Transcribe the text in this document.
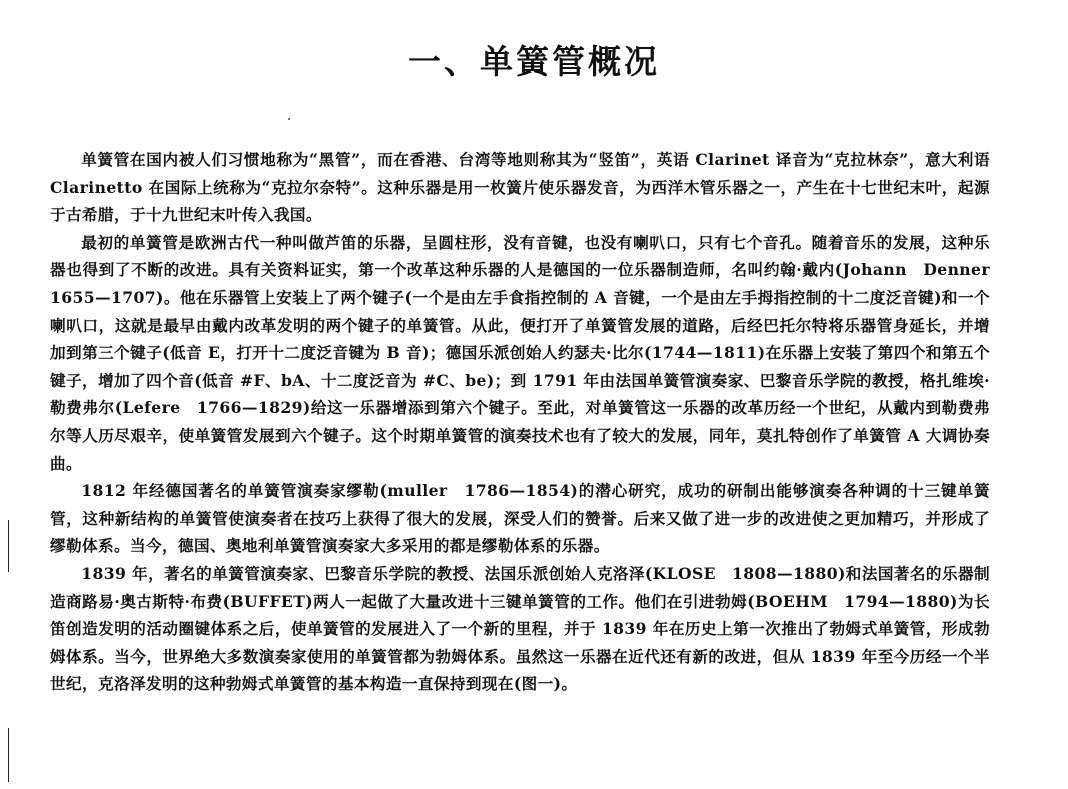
一、单簧管概况

单簧管在国内被人们习惯地称为“黑管”，而在香港、台湾等地则称其为“竖笛”，英语 Clarinet 译音为“克拉林奈”，意大利语 Clarinetto 在国际上统称为“克拉尔奈特”。这种乐器是用一枚簧片使乐器发音，为西洋木管乐器之一，产生在十七世纪末叶，起源于古希腊，于十九世纪末叶传入我国。

最初的单簧管是欧洲古代一种叫做芦笛的乐器，呈圆柱形，没有音键，也没有喇叭口，只有七个音孔。随着音乐的发展，这种乐器也得到了不断的改进。具有关资料证实，第一个改革这种乐器的人是德国的一位乐器制造师，名叫约翰·戴内(Johann　Denner　1655—1707)。他在乐器管上安装上了两个键子(一个是由左手食指控制的 A 音键，一个是由左手拇指控制的十二度泛音键)和一个喇叭口，这就是最早由戴内改革发明的两个键子的单簧管。从此，便打开了单簧管发展的道路，后经巴托尔特将乐器管身延长，并增加到第三个键子(低音 E，打开十二度泛音键为 B 音)；德国乐派创始人约瑟夫·比尔(1744—1811)在乐器上安装了第四个和第五个键子，增加了四个音(低音 #F、bA、十二度泛音为 #C、be)；到 1791 年由法国单簧管演奏家、巴黎音乐学院的教授，格扎维埃·勒费弗尔(Lefere　1766—1829)给这一乐器增添到第六个键子。至此，对单簧管这一乐器的改革历经一个世纪，从戴内到勒费弗尔等人历尽艰辛，使单簧管发展到六个键子。这个时期单簧管的演奏技术也有了较大的发展，同年，莫扎特创作了单簧管 A 大调协奏曲。

1812 年经德国著名的单簧管演奏家缪勒(muller　1786—1854)的潜心研究，成功的研制出能够演奏各种调的十三键单簧管，这种新结构的单簧管使演奏者在技巧上获得了很大的发展，深受人们的赞誉。后来又做了进一步的改进使之更加精巧，并形成了缪勒体系。当今，德国、奥地利单簧管演奏家大多采用的都是缪勒体系的乐器。

1839 年，著名的单簧管演奏家、巴黎音乐学院的教授、法国乐派创始人克洛泽(KLOSE　1808—1880)和法国著名的乐器制造商路易·奥古斯特·布费(BUFFET)两人一起做了大量改进十三键单簧管的工作。他们在引进勃姆(BOEHM　1794—1880)为长笛创造发明的活动圈键体系之后，使单簧管的发展进入了一个新的里程，并于 1839 年在历史上第一次推出了勃姆式单簧管，形成勃姆体系。当今，世界绝大多数演奏家使用的单簧管都为勃姆体系。虽然这一乐器在近代还有新的改进，但从 1839 年至今历经一个半世纪，克洛泽发明的这种勃姆式单簧管的基本构造一直保持到现在(图一)。
